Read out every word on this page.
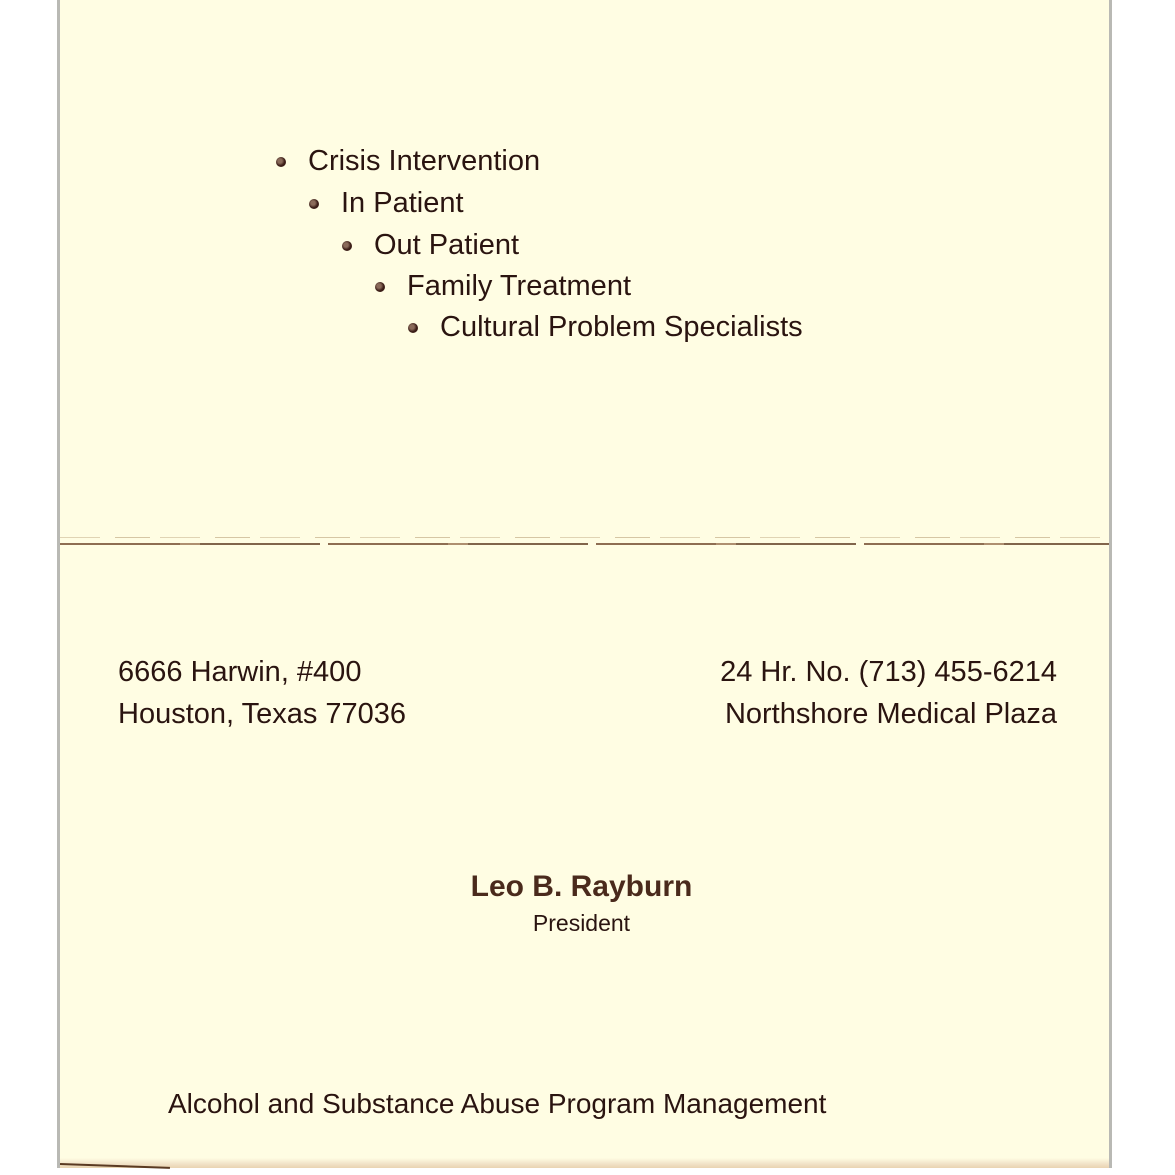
Crisis Intervention
In Patient
Out Patient
Family Treatment
Cultural Problem Specialists
6666 Harwin, #400
Houston, Texas 77036
24 Hr. No. (713) 455-6214
Northshore Medical Plaza
Leo B. Rayburn
President
Alcohol and Substance Abuse Program Management
